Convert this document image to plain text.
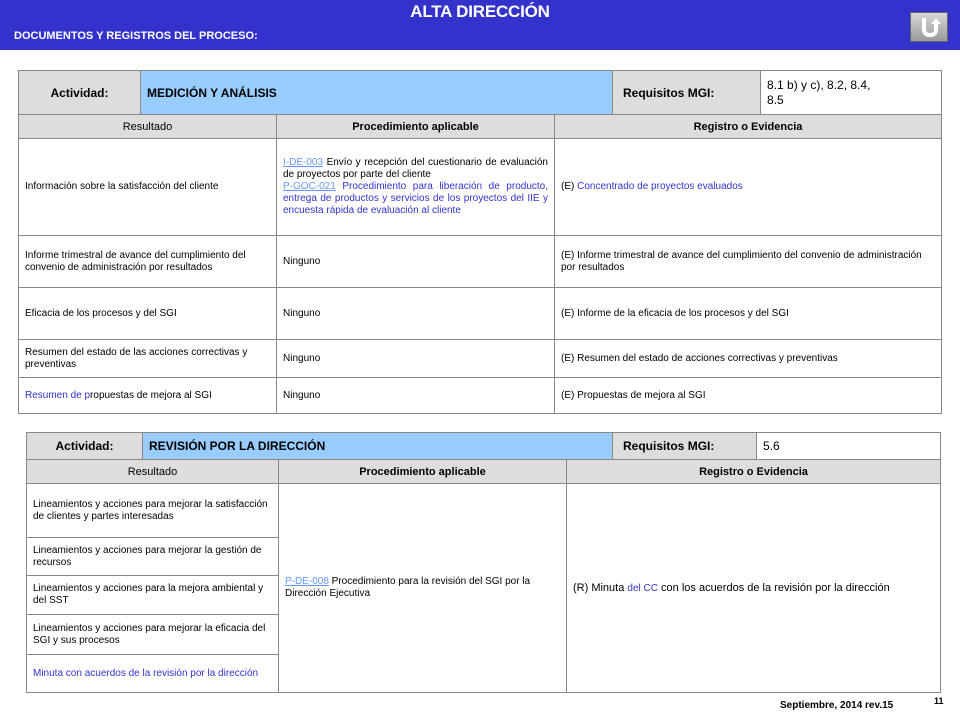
ALTA DIRECCIÓN
DOCUMENTOS Y REGISTROS DEL PROCESO:
Actividad:	MEDICIÓN Y ANÁLISIS			Requisitos MGI:	8.1 b) y c), 8.2, 8.4,
8.5
Resultado		Procedimiento aplicable	Registro o Evidencia		
Información sobre la satisfacción del cliente		I-DE-003 Envío y recepción del cuestionario de evaluación de proyectos por parte del cliente
P-GOC-021 Procedimiento para liberación de producto, entrega de productos y servicios de los proyectos del IIE y encuesta rápida de evaluación al cliente	(E) Concentrado de proyectos evaluados		
Informe trimestral de avance del cumplimiento del convenio de administración por resultados		Ninguno	(E) Informe trimestral de avance del cumplimiento del convenio de administración por resultados		
Eficacia de los procesos y del SGI		Ninguno	(E) Informe de la eficacia de los procesos y del SGI		
Resumen del estado de las acciones correctivas y preventivas		Ninguno	(E) Resumen del estado de acciones correctivas y preventivas		
Resumen de propuestas de mejora al SGI		Ninguno	(E) Propuestas de mejora al SGI		
Actividad:	REVISIÓN POR LA DIRECCIÓN			Requisitos MGI:	5.6
Resultado		Procedimiento aplicable	Registro o Evidencia		
Lineamientos y acciones para mejorar la satisfacción de clientes y partes interesadas		P-DE-008 Procedimiento para la revisión del SGI por la Dirección Ejecutiva	(R) Minuta del CC con los acuerdos de la revisión por la dirección		
Lineamientos y acciones para mejorar la gestión de recursos					
Lineamientos y acciones para la mejora ambiental y del SST					
Lineamientos y acciones para mejorar la eficacia del SGI y sus procesos					
Minuta con acuerdos de la revisión por la dirección					
Septiembre, 2014 rev.15	11
